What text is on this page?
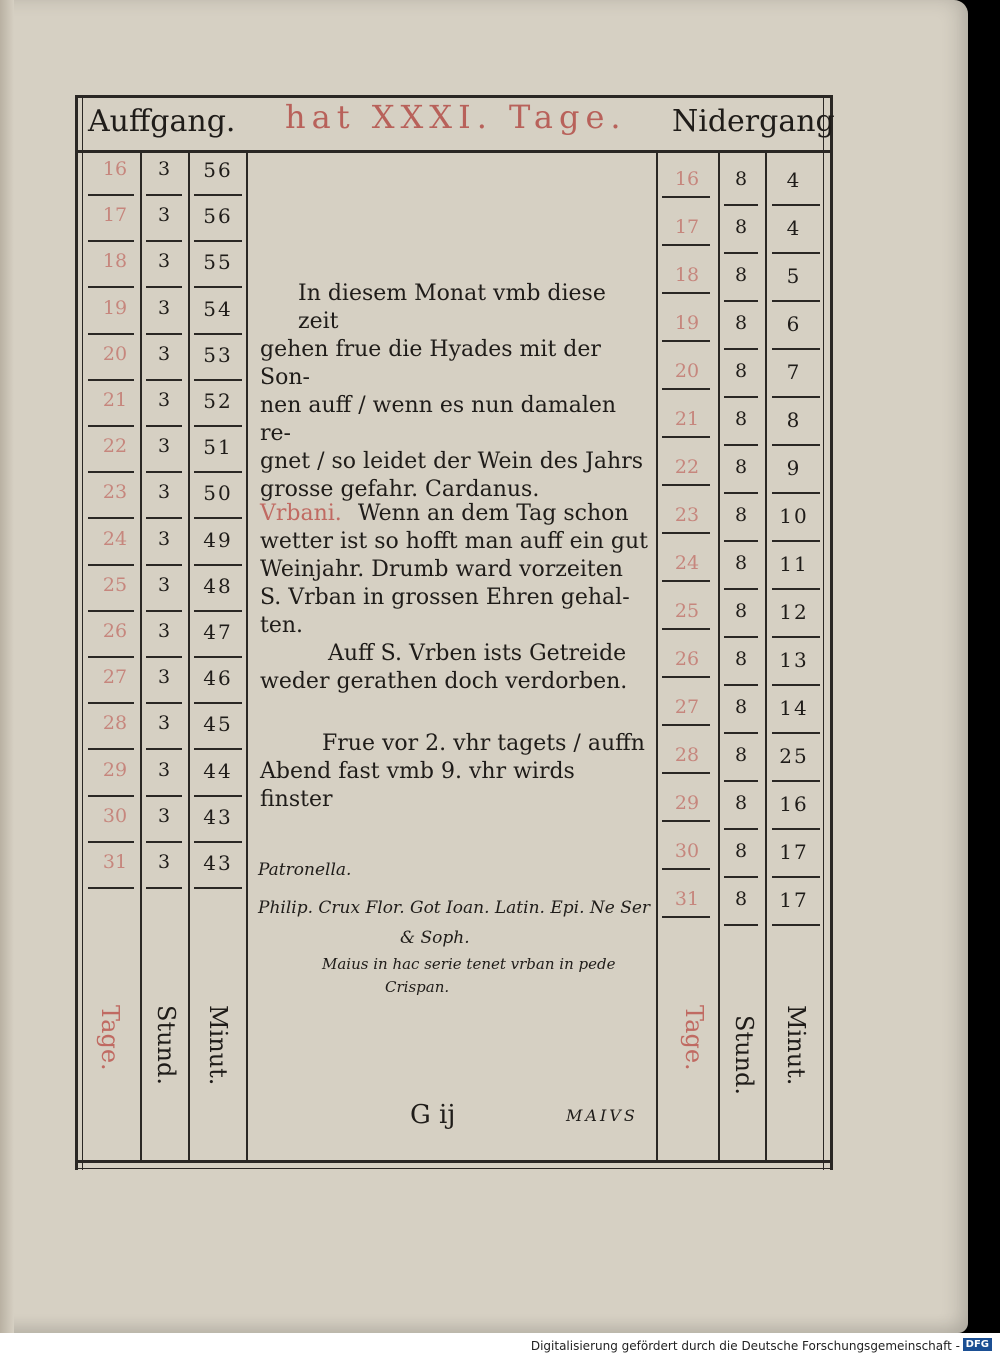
Auffgang. hat XXXI. Tage. Nidergang
16	3	56
17	3	56
18	3	55
19	3	54
20	3	53
21	3	52
22	3	51
23	3	50
24	3	49
25	3	48
26	3	47
27	3	46
28	3	45
29	3	44
30	3	43
31	3	43
16	8	4
17	8	4
18	8	5
19	8	6
20	8	7
21	8	8
22	8	9
23	8	10
24	8	11
25	8	12
26	8	13
27	8	14
28	8	25
29	8	16
30	8	17
31	8	17
Tage. Stund. Minut.	Tage. Stund. Minut.
In diesem Monat vmb diese zeit
gehen frue die Hyades mit der Son-
nen auff / wenn es nun damalen re-
gnet / so leidet der Wein des Jahrs
grosse gefahr. Cardanus.
Vrbani. Wenn an dem Tag schon
wetter ist so hofft man auff ein gut
Weinjahr. Drumb ward vorzeiten
S. Vrban in grossen Ehren gehal-
ten.
Auff S. Vrben ists Getreide
weder gerathen doch verdorben.
Frue vor 2. vhr tagets / auffn
Abend fast vmb 9. vhr wirds finster
Patronella.
Philip. Crux Flor. Got Ioan. Latin. Epi. Ne Ser
& Soph.
Maius in hac serie tenet vrban in pede
Crispan.
G ij	MAIVS
Digitalisierung gefördert durch die Deutsche Forschungsgemeinschaft - DFG
